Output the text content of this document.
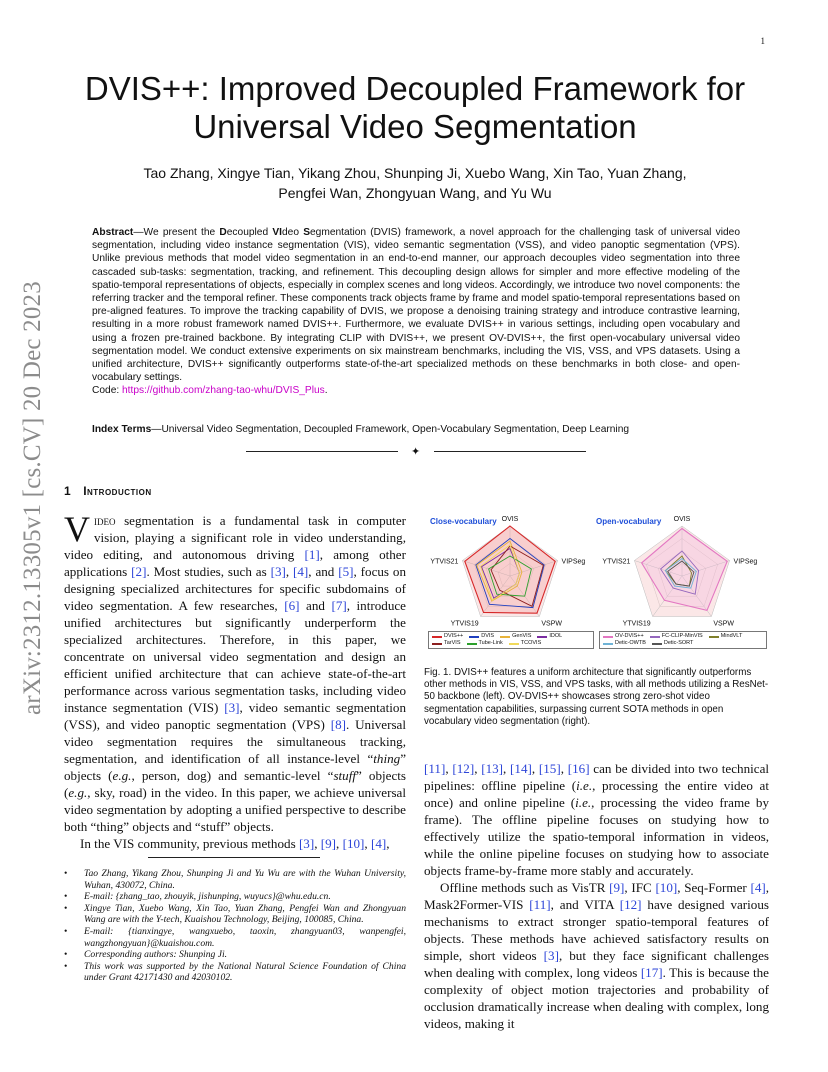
1
arXiv:2312.13305v1 [cs.CV] 20 Dec 2023
DVIS++: Improved Decoupled Framework for Universal Video Segmentation
Tao Zhang, Xingye Tian, Yikang Zhou, Shunping Ji, Xuebo Wang, Xin Tao, Yuan Zhang,
Pengfei Wan, Zhongyuan Wang, and Yu Wu
Abstract—We present the Decoupled VIdeo Segmentation (DVIS) framework, a novel approach for the challenging task of universal video segmentation, including video instance segmentation (VIS), video semantic segmentation (VSS), and video panoptic segmentation (VPS). Unlike previous methods that model video segmentation in an end-to-end manner, our approach decouples video segmentation into three cascaded sub-tasks: segmentation, tracking, and refinement. This decoupling design allows for simpler and more effective modeling of the spatio-temporal representations of objects, especially in complex scenes and long videos. Accordingly, we introduce two novel components: the referring tracker and the temporal refiner. These components track objects frame by frame and model spatio-temporal representations based on pre-aligned features. To improve the tracking capability of DVIS, we propose a denoising training strategy and introduce contrastive learning, resulting in a more robust framework named DVIS++. Furthermore, we evaluate DVIS++ in various settings, including open vocabulary and using a frozen pre-trained backbone. By integrating CLIP with DVIS++, we present OV-DVIS++, the first open-vocabulary universal video segmentation model. We conduct extensive experiments on six mainstream benchmarks, including the VIS, VSS, and VPS datasets. Using a unified architecture, DVIS++ significantly outperforms state-of-the-art specialized methods on these benchmarks in both close- and open-vocabulary settings.
Code: https://github.com/zhang-tao-whu/DVIS_Plus.
Index Terms—Universal Video Segmentation, Decoupled Framework, Open-Vocabulary Segmentation, Deep Learning
✦
1 Introduction

Video segmentation is a fundamental task in computer vision, playing a significant role in video understanding, video editing, and autonomous driving [1], among other applications [2]. Most studies, such as [3], [4], and [5], focus on designing specialized architectures for specific subdomains of video segmentation. A few researches, [6] and [7], introduce unified architectures but significantly underperform the specialized architectures. Therefore, in this paper, we concentrate on universal video segmentation and design an efficient unified architecture that can achieve state-of-the-art performance across various segmentation tasks, including video instance segmentation (VIS) [3], video semantic segmentation (VSS), and video panoptic segmentation (VPS) [8]. Universal video segmentation requires the simultaneous tracking, segmentation, and identification of all instance-level “thing” objects (e.g., person, dog) and semantic-level “stuff” objects (e.g., sky, road) in the video. In this paper, we achieve universal video segmentation by adopting a unified perspective to describe both “thing” objects and “stuff” objects.

In the VIS community, previous methods [3], [9], [10], [4],

• Tao Zhang, Yikang Zhou, Shunping Ji and Yu Wu are with the Wuhan University, Wuhan, 430072, China.
• E-mail: {zhang_tao, zhouyik, jishunping, wuyucs}@whu.edu.cn.
• Xingye Tian, Xuebo Wang, Xin Tao, Yuan Zhang, Pengfei Wan and Zhongyuan Wang are with the Y-tech, Kuaishou Technology, Beijing, 100085, China.
• E-mail: {tianxingye, wangxuebo, taoxin, zhangyuan03, wanpengfei, wangzhongyuan}@kuaishou.com.
• Corresponding authors: Shunping Ji.
• This work was supported by the National Natural Science Foundation of China under Grant 42171430 and 42030102.
Close-vocabulary	Open-vocabulary
OVIS
VIPSeg
VSPW
YTVIS19
YTVIS21
OVIS
VIPSeg
VSPW
YTVIS19
YTVIS21
DVIS++	DVIS	GenVIS	IDOL
TarVIS	Tube-Link	TCOVIS
OV-DVIS++	FC-CLIP-MinVIS	MindVLT
Detic-OWTB	Detic-SORT
Fig. 1. DVIS++ features a uniform architecture that significantly outperforms other methods in VIS, VSS, and VPS tasks, with all methods utilizing a ResNet-50 backbone (left). OV-DVIS++ showcases strong zero-shot video segmentation capabilities, surpassing current SOTA methods in open vocabulary video segmentation (right).

[11], [12], [13], [14], [15], [16] can be divided into two technical pipelines: offline pipeline (i.e., processing the entire video at once) and online pipeline (i.e., processing the video frame by frame). The offline pipeline focuses on studying how to effectively utilize the spatio-temporal information in videos, while the online pipeline focuses on studying how to associate objects frame-by-frame more stably and accurately.

Offline methods such as VisTR [9], IFC [10], Seq-Former [4], Mask2Former-VIS [11], and VITA [12] have designed various mechanisms to extract stronger spatio-temporal features of objects. These methods have achieved satisfactory results on simple, short videos [3], but they face significant challenges when dealing with complex, long videos [17]. This is because the complexity of object motion trajectories and probability of occlusion dramatically increase when dealing with complex, long videos, making it
